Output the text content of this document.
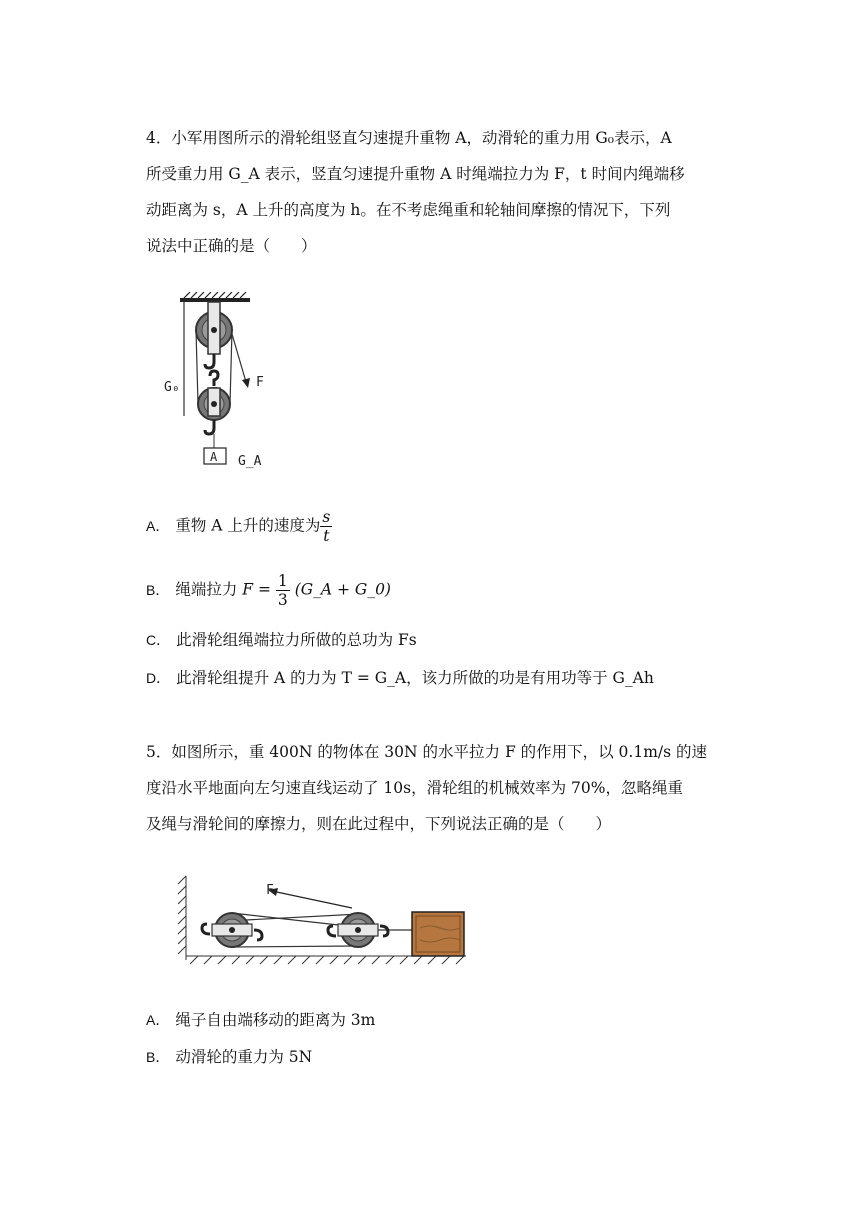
4．小军用图所示的滑轮组竖直匀速提升重物 A，动滑轮的重力用 G₀表示，A
所受重力用 G_A 表示，竖直匀速提升重物 A 时绳端拉力为 F，t 时间内绳端移
动距离为 s，A 上升的高度为 h。在不考虑绳重和轮轴间摩擦的情况下，下列
说法中正确的是（　　）
A
G₀	F
G_A
A． 重物 A 上升的速度为 $\frac{s}{t}$
B． 绳端拉力 $F = \frac{1}{3}$ (G_A + G_0)
C． 此滑轮组绳端拉力所做的总功为 Fs
D． 此滑轮组提升 A 的力为 T = G_A，该力所做的功是有用功等于 G_Ah
5．如图所示，重 400N 的物体在 30N 的水平拉力 F 的作用下，以 0.1m/s 的速
度沿水平地面向左匀速直线运动了 10s，滑轮组的机械效率为 70%，忽略绳重
及绳与滑轮间的摩擦力，则在此过程中，下列说法正确的是（　　）
F
A． 绳子自由端移动的距离为 3m
B． 动滑轮的重力为 5N
